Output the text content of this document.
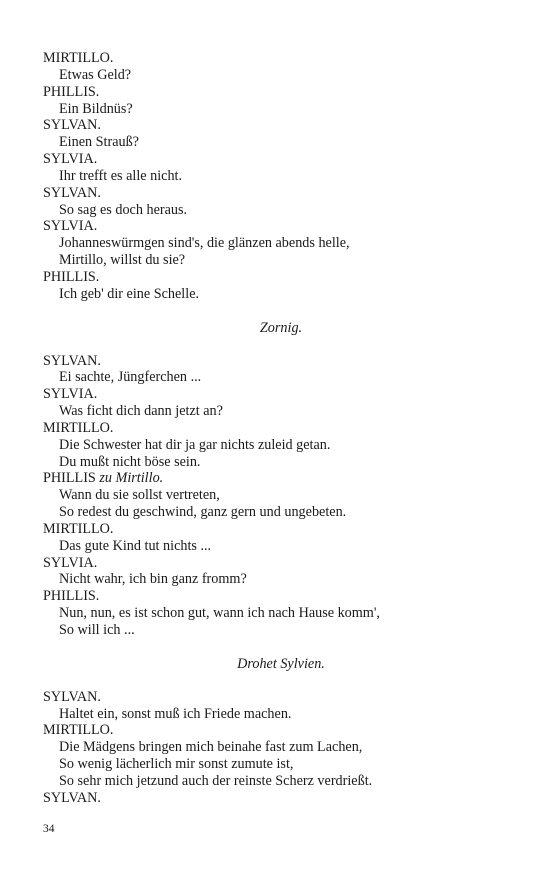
MIRTILLO.
Etwas Geld?
PHILLIS.
Ein Bildnüs?
SYLVAN.
Einen Strauß?
SYLVIA.
Ihr trefft es alle nicht.
SYLVAN.
So sag es doch heraus.
SYLVIA.
Johanneswürmgen sind's, die glänzen abends helle,
Mirtillo, willst du sie?
PHILLIS.
Ich geb' dir eine Schelle.
Zornig.
SYLVAN.
Ei sachte, Jüngferchen ...
SYLVIA.
Was ficht dich dann jetzt an?
MIRTILLO.
Die Schwester hat dir ja gar nichts zuleid getan.
Du mußt nicht böse sein.
PHILLIS zu Mirtillo.
Wann du sie sollst vertreten,
So redest du geschwind, ganz gern und ungebeten.
MIRTILLO.
Das gute Kind tut nichts ...
SYLVIA.
Nicht wahr, ich bin ganz fromm?
PHILLIS.
Nun, nun, es ist schon gut, wann ich nach Hause komm',
So will ich ...
Drohet Sylvien.
SYLVAN.
Haltet ein, sonst muß ich Friede machen.
MIRTILLO.
Die Mädgens bringen mich beinahe fast zum Lachen,
So wenig lächerlich mir sonst zumute ist,
So sehr mich jetzund auch der reinste Scherz verdrießt.
SYLVAN.
34
